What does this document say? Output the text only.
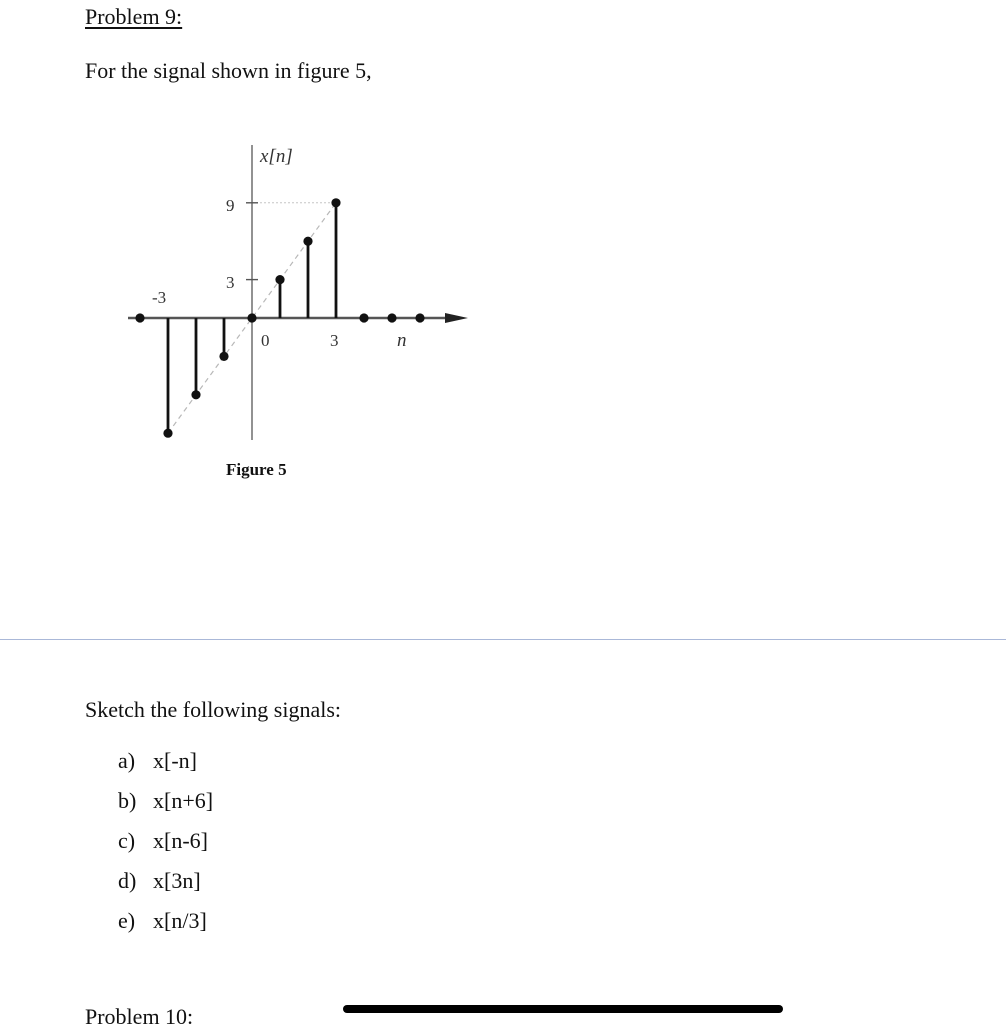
Problem 9:
For the signal shown in figure 5,
x[n]
9
3
-3
0	3	n
Figure 5
Sketch the following signals:
a) x[-n]
b) x[n+6]
c) x[n-6]
d) x[3n]
e) x[n/3]
Problem 10:
